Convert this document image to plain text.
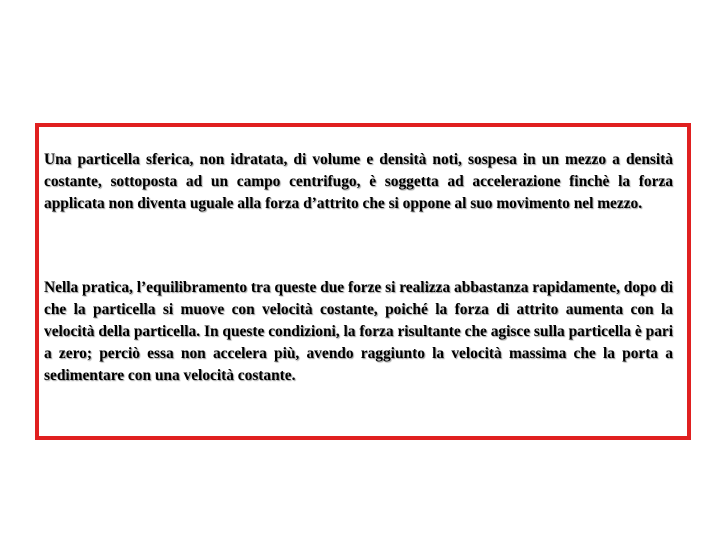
Una particella sferica, non idratata, di volume e densità noti, sospesa in un mezzo a densità costante, sottoposta ad un campo centrifugo, è soggetta ad accelerazione finchè la forza applicata non diventa uguale alla forza d’attrito che si oppone al suo movimento nel mezzo.

Nella pratica, l’equilibramento tra queste due forze si realizza abbastanza rapidamente, dopo di che la particella si muove con velocità costante, poiché la forza di attrito aumenta con la velocità della particella. In queste condizioni, la forza risultante che agisce sulla particella è pari a zero; perciò essa non accelera più, avendo raggiunto la velocità massima che la porta a sedimentare con una velocità costante.
